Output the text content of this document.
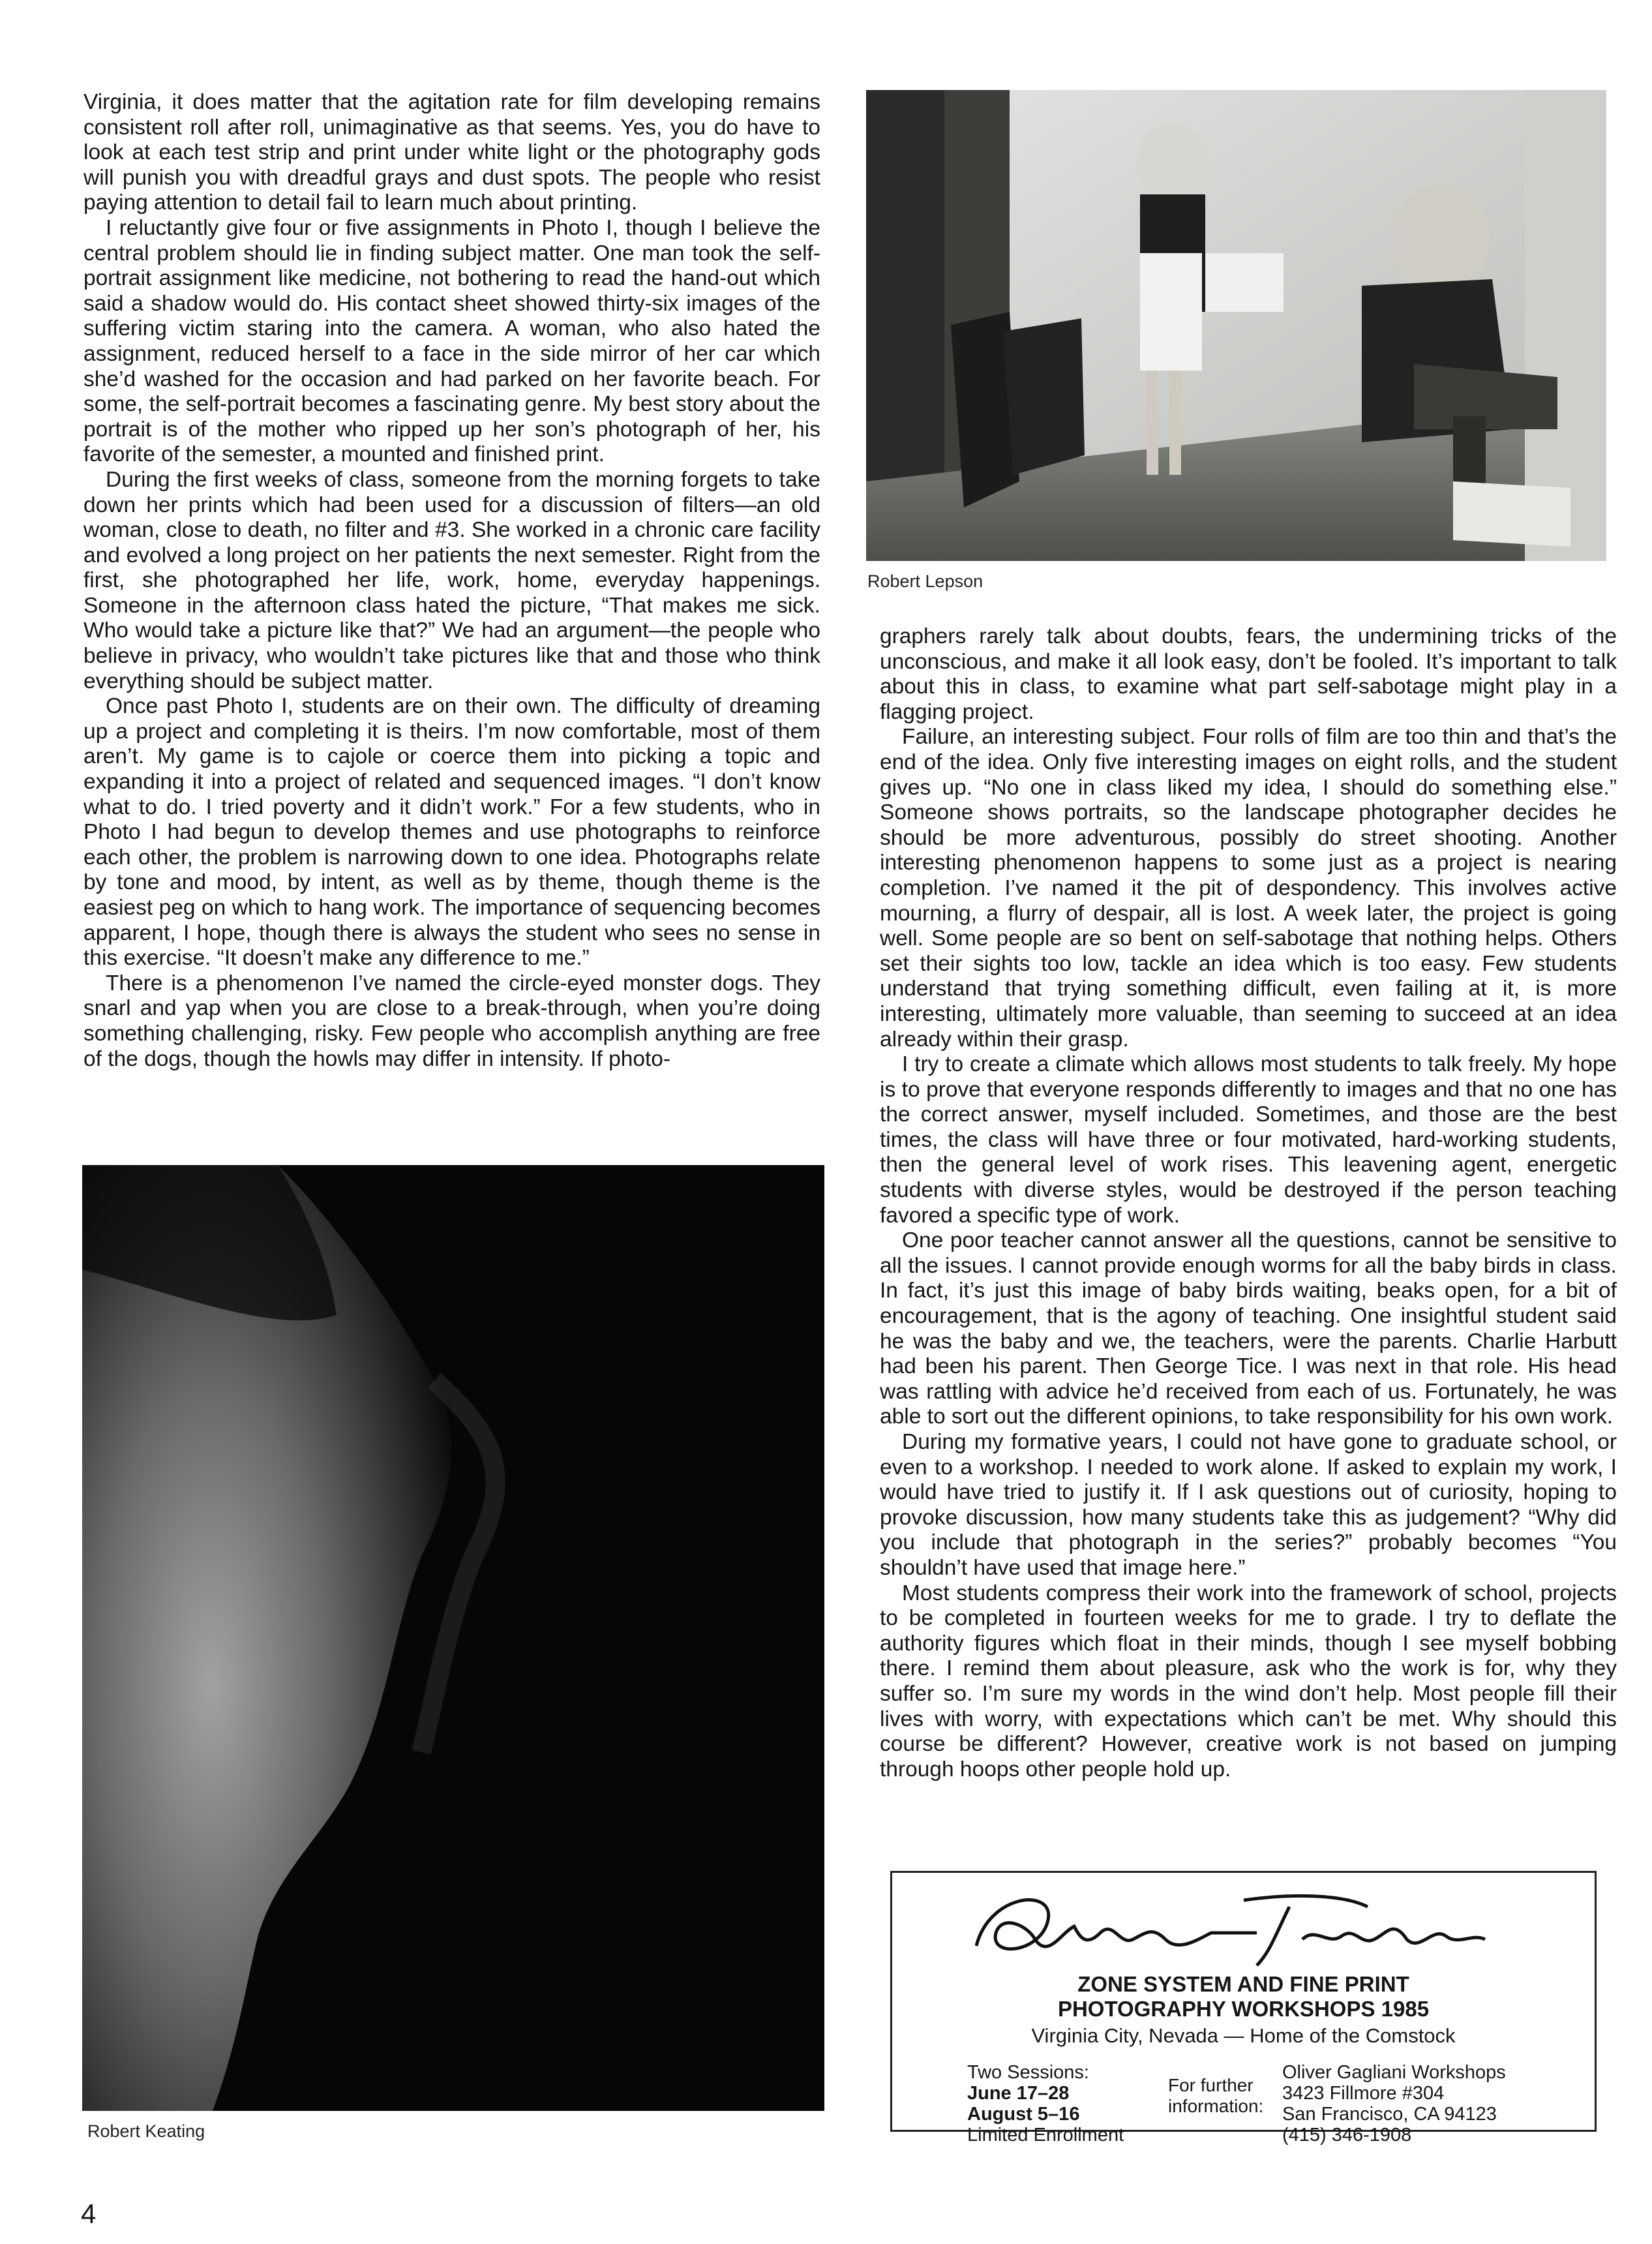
Virginia, it does matter that the agitation rate for film developing remains consistent roll after roll, unimaginative as that seems. Yes, you do have to look at each test strip and print under white light or the photography gods will punish you with dreadful grays and dust spots. The people who resist paying attention to detail fail to learn much about printing.

I reluctantly give four or five assignments in Photo I, though I believe the central problem should lie in finding subject matter. One man took the self-portrait assignment like medicine, not bothering to read the hand-out which said a shadow would do. His contact sheet showed thirty-six images of the suffering victim staring into the camera. A woman, who also hated the assignment, reduced herself to a face in the side mirror of her car which she’d washed for the occasion and had parked on her favorite beach. For some, the self-portrait becomes a fascinating genre. My best story about the portrait is of the mother who ripped up her son’s photograph of her, his favorite of the semester, a mounted and finished print.

During the first weeks of class, someone from the morning forgets to take down her prints which had been used for a discussion of filters—an old woman, close to death, no filter and #3. She worked in a chronic care facility and evolved a long project on her patients the next semester. Right from the first, she photographed her life, work, home, everyday happenings. Someone in the afternoon class hated the picture, “That makes me sick. Who would take a picture like that?” We had an argument—the people who believe in privacy, who wouldn’t take pictures like that and those who think everything should be subject matter.

Once past Photo I, students are on their own. The difficulty of dreaming up a project and completing it is theirs. I’m now comfortable, most of them aren’t. My game is to cajole or coerce them into picking a topic and expanding it into a project of related and sequenced images. “I don’t know what to do. I tried poverty and it didn’t work.” For a few students, who in Photo I had begun to develop themes and use photographs to reinforce each other, the problem is narrowing down to one idea. Photographs relate by tone and mood, by intent, as well as by theme, though theme is the easiest peg on which to hang work. The importance of sequencing becomes apparent, I hope, though there is always the student who sees no sense in this exercise. “It doesn’t make any difference to me.”

There is a phenomenon I’ve named the circle-eyed monster dogs. They snarl and yap when you are close to a break-through, when you’re doing something challenging, risky. Few people who accomplish anything are free of the dogs, though the howls may differ in intensity. If photo-

Robert Lepson

graphers rarely talk about doubts, fears, the undermining tricks of the unconscious, and make it all look easy, don’t be fooled. It’s important to talk about this in class, to examine what part self-sabotage might play in a flagging project.

Failure, an interesting subject. Four rolls of film are too thin and that’s the end of the idea. Only five interesting images on eight rolls, and the student gives up. “No one in class liked my idea, I should do something else.” Someone shows portraits, so the landscape photographer decides he should be more adventurous, possibly do street shooting. Another interesting phenomenon happens to some just as a project is nearing completion. I’ve named it the pit of despondency. This involves active mourning, a flurry of despair, all is lost. A week later, the project is going well. Some people are so bent on self-sabotage that nothing helps. Others set their sights too low, tackle an idea which is too easy. Few students understand that trying something difficult, even failing at it, is more interesting, ultimately more valuable, than seeming to succeed at an idea already within their grasp.

I try to create a climate which allows most students to talk freely. My hope is to prove that everyone responds differently to images and that no one has the correct answer, myself included. Sometimes, and those are the best times, the class will have three or four motivated, hard-working students, then the general level of work rises. This leavening agent, energetic students with diverse styles, would be destroyed if the person teaching favored a specific type of work.

One poor teacher cannot answer all the questions, cannot be sensitive to all the issues. I cannot provide enough worms for all the baby birds in class. In fact, it’s just this image of baby birds waiting, beaks open, for a bit of encouragement, that is the agony of teaching. One insightful student said he was the baby and we, the teachers, were the parents. Charlie Harbutt had been his parent. Then George Tice. I was next in that role. His head was rattling with advice he’d received from each of us. Fortunately, he was able to sort out the different opinions, to take responsibility for his own work.

During my formative years, I could not have gone to graduate school, or even to a workshop. I needed to work alone. If asked to explain my work, I would have tried to justify it. If I ask questions out of curiosity, hoping to provoke discussion, how many students take this as judgement? “Why did you include that photograph in the series?” probably becomes “You shouldn’t have used that image here.”

Most students compress their work into the framework of school, projects to be completed in fourteen weeks for me to grade. I try to deflate the authority figures which float in their minds, though I see myself bobbing there. I remind them about pleasure, ask who the work is for, why they suffer so. I’m sure my words in the wind don’t help. Most people fill their lives with worry, with expectations which can’t be met. Why should this course be different? However, creative work is not based on jumping through hoops other people hold up.

Robert Keating
ZONE SYSTEM AND FINE PRINT
PHOTOGRAPHY WORKSHOPS 1985
Virginia City, Nevada — Home of the Comstock
Two Sessions:
June 17–28
August 5–16
Limited Enrollment
For further
information:
Oliver Gagliani Workshops
3423 Fillmore #304
San Francisco, CA 94123
(415) 346-1908
4
